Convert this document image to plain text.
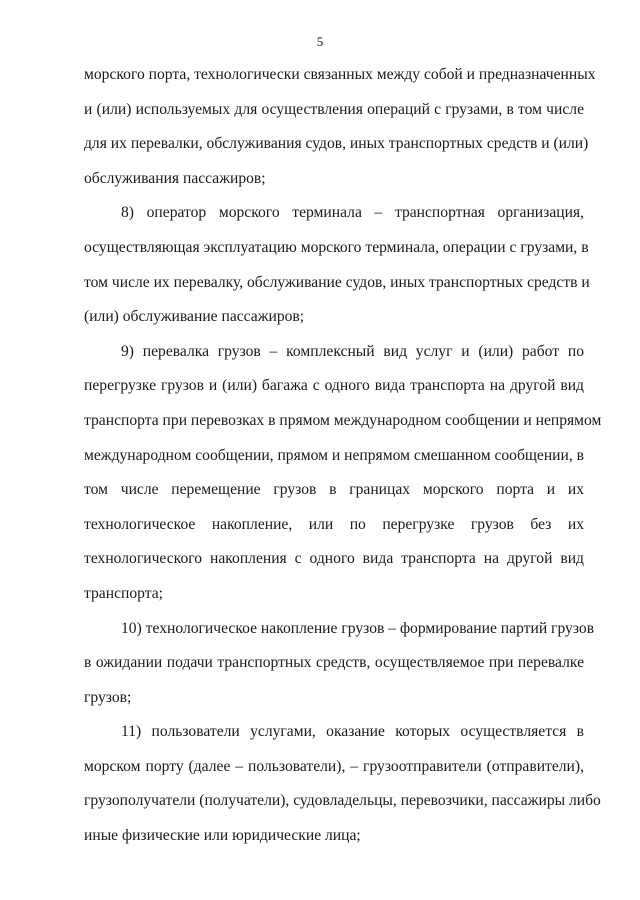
5
морского порта, технологически связанных между собой и предназначенных
и (или) используемых для осуществления операций с грузами, в том числе
для их перевалки, обслуживания судов, иных транспортных средств и (или)
обслуживания пассажиров;
8) оператор морского терминала – транспортная организация,
осуществляющая эксплуатацию морского терминала, операции с грузами, в
том числе их перевалку, обслуживание судов, иных транспортных средств и
(или) обслуживание пассажиров;
9) перевалка грузов – комплексный вид услуг и (или) работ по
перегрузке грузов и (или) багажа с одного вида транспорта на другой вид
транспорта при перевозках в прямом международном сообщении и непрямом
международном сообщении, прямом и непрямом смешанном сообщении, в
том числе перемещение грузов в границах морского порта и их
технологическое накопление, или по перегрузке грузов без их
технологического накопления с одного вида транспорта на другой вид
транспорта;
10) технологическое накопление грузов – формирование партий грузов
в ожидании подачи транспортных средств, осуществляемое при перевалке
грузов;
11) пользователи услугами, оказание которых осуществляется в
морском порту (далее – пользователи), – грузоотправители (отправители),
грузополучатели (получатели), судовладельцы, перевозчики, пассажиры либо
иные физические или юридические лица;
